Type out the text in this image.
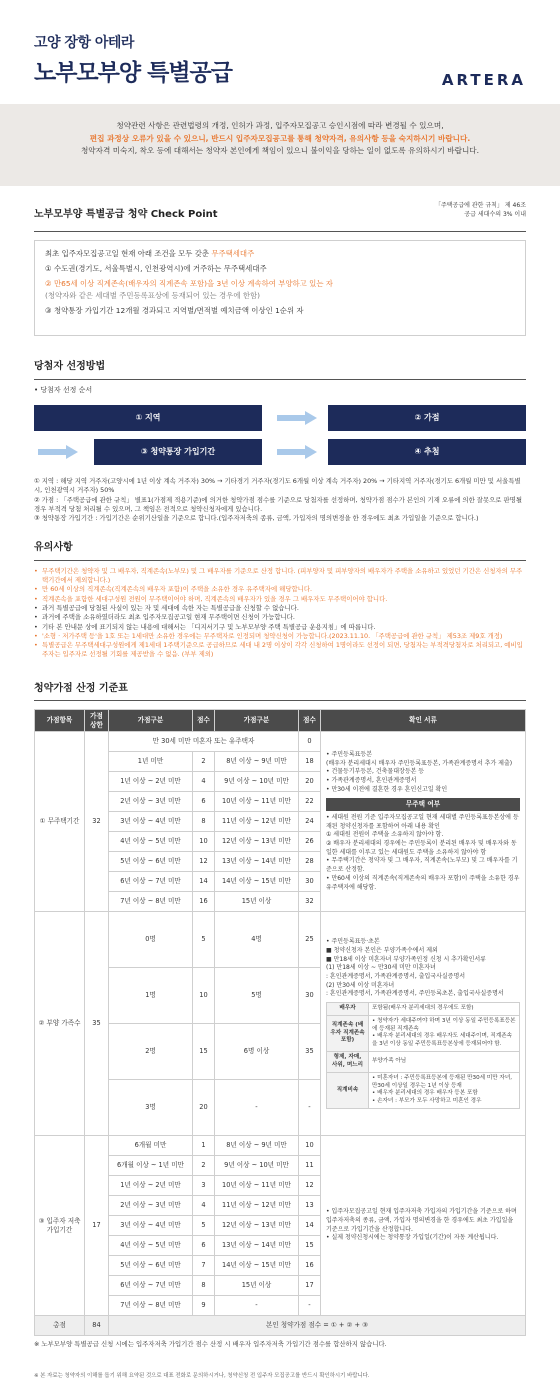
고양 장항 아테라
노부모부양 특별공급	ARTERA
청약관련 사항은 관련법령의 개정, 인허가 과정, 입주자모집공고 승인시점에 따라 변경될 수 있으며,
편집 과정상 오류가 있을 수 있으니, 반드시 입주자모집공고를 통해 청약자격, 유의사항 등을 숙지하시기 바랍니다.
청약자격 미숙지, 착오 등에 대해서는 청약자 본인에게 책임이 있으니 불이익을 당하는 일이 없도록 유의하시기 바랍니다.
노부모부양 특별공급 청약 Check Point
「주택공급에 관한 규칙」 제 46조
공급 세대수의 3% 이내

최초 입주자모집공고일 현재 아래 조건을 모두 갖춘 무주택세대주

① 수도권(경기도, 서울특별시, 인천광역시)에 거주하는 무주택세대주

② 만65세 이상 직계존속(배우자의 직계존속 포함)을 3년 이상 계속하여 부양하고 있는 자

(청약자와 같은 세대별 주민등록표상에 등재되어 있는 경우에 한함)

③ 청약통장 가입기간 12개월 경과되고 지역별/면적별 예치금액 이상인 1순위 자

당첨자 선정방법
• 당첨자 선정 순서
① 지역	② 가점
③ 청약통장 가입기간	④ 추첨
① 지역 : 해당 지역 거주자(고양시에 1년 이상 계속 거주자) 30% → 기타경기 거주자(경기도 6개월 이상 계속 거주자) 20% → 기타지역 거주자(경기도 6개월 미만 및 서울특별시, 인천광역시 거주자) 50%
② 가점 : 「주택공급에 관한 규칙」 별표1(가점제 적용기준)에 의거한 청약가점 점수를 기준으로 당첨자를 선정하며, 청약가점 점수가 본인의 기재 오류에 의한 잘못으로 판명될 경우 부적격 당첨 처리될 수 있으며, 그 책임은 전적으로 청약신청자에게 있습니다.
③ 청약통장 가입기간 : 가입기간은 순위기산일을 기준으로 합니다.(입주자저축의 종류, 금액, 가입자의 명의변경을 한 경우에도 최초 가입일을 기준으로 합니다.)
유의사항
• 무주택기간은 청약자 및 그 배우자, 직계존속(노부모) 및 그 배우자를 기준으로 산정 합니다. (피부양자 및 피부양자의 배우자가 주택을 소유하고 있었던 기간은 신청자의 무주택기간에서 제외합니다.)
• 만 60세 이상의 직계존속(직계존속의 배우자 포함)이 주택을 소유한 경우 유주택자에 해당합니다.
• 직계존속을 포함한 세대구성원 전원이 무주택이어야 하며, 직계존속의 배우자가 있을 경우 그 배우자도 무주택이어야 합니다.
• 과거 특별공급에 당첨된 사실이 있는 자 및 세대에 속한 자는 특별공급을 신청할 수 없습니다.
• 과거에 주택을 소유하였더라도 최초 입주자모집공고일 현재 무주택이면 신청이 가능합니다.
• 기타 본 안내문 상에 표기되지 않는 내용에 대해서는 「디지서기구 및 노부모부양 주택 특별공급 운용지침」에 따릅니다.
• '소형 · 저가주택 등'을 1호 또는 1세대만 소유한 경우에는 무주택자로 인정되며 청약신청이 가능합니다.(2023.11.10. 「주택공급에 관한 규칙」 제53조 제9호 개정)
• 특별공급은 무주택세대구성원에게 제1세대 1주택기준으로 공급하므로 세대 내 2명 이상이 각각 신청하여 1명이라도 선정이 되면, 당첨자는 부적격당첨자로 처리되고, 예비입주자는 입주자로 선정될 기회를 제공받을 수 없음. (부부 제외)
청약가점 산정 기준표
가점항목	가점 상한	가점구분	점수	가점구분	점수	확인 서류
① 무주택기간	32	만 30세 미만 미혼자 또는 유주택자	0	
• 주민등록표등본
(배우자 분리세대시 배우자 주민등록표등본, 가족관계증명서 추가 제출)
• 건물등기부등본, 건축물대장등본 등
• 가족관계증명서, 혼인관계증명서
• 만30세 이전에 결혼한 경우 혼인신고일 확인
무주택 여부
• 세대원 전원 기준 입주자모집공고일 현재 세대별 주민등록표등본상에 등재된 청약신청자를 포함하여 아래 내용 확인
① 세대원 전원이 주택을 소유하지 않아야 함.
② 배우자 분리세대의 경우에는 주민등록이 분리된 배우자 및 배우자와 동일한 세대를 이루고 있는 세대원도 주택을 소유하지 않아야 함
• 무주택기간은 청약자 및 그 배우자, 직계존속(노부모) 및 그 배우자를 기준으로 산정함.
• 만60세 이상의 직계존속(직계존속의 배우자 포함)이 주택을 소유한 경우 유주택자에 해당함.

1년 미만	2	8년 이상 ~ 9년 미만	18
1년 이상 ~ 2년 미만	4	9년 이상 ~ 10년 미만	20
2년 이상 ~ 3년 미만	6	10년 이상 ~ 11년 미만	22
3년 이상 ~ 4년 미만	8	11년 이상 ~ 12년 미만	24
4년 이상 ~ 5년 미만	10	12년 이상 ~ 13년 미만	26
5년 이상 ~ 6년 미만	12	13년 이상 ~ 14년 미만	28
6년 이상 ~ 7년 미만	14	14년 이상 ~ 15년 미만	30
7년 이상 ~ 8년 미만	16	15년 이상	32
② 부양 가족수	35	0명	5	4명	25	• 주민등록표등·초본
■ 청약신청자 본인은 부양가족수에서 제외
■ 만18세 이상 미혼자녀 부양가족인정 신청 시 추가확인서류
(1) 만18세 이상 ~ 만30세 미만 미혼자녀
: 혼인관계증명서, 가족관계증명서, 출입국사실증명서
(2) 만30세 이상 미혼자녀
: 혼인관계증명서, 가족관계증명서, 주민등록초본, 출입국사실증명서
배우자	포함됨(배우자 분리세대의 경우에도 포함)

직계존속 (배우자 직계존속 포함)	
• 청약자가 세대주여야 하며 3년 이상 동일 주민등록표등본에 등재된 직계존속
• 배우자 분리세대의 경우 배우자도 세대주이며, 직계존속을 3년 이상 동일 주민등록표등본상에 등재되어야 함.

형제, 자매, 사위, 며느리	
부양가족 아님

직계비속	
• 미혼자녀 : 주민등록표등본에 등재된 만30세 미만 자녀, 만30세 이상일 경우는 1년 이상 등재
• 배우자 분리세대의 경우 배우자 등본 포함
• 손자녀 : 부모가 모두 사망하고 미혼인 경우

1명	10	5명	30
2명	15	6명 이상	35
3명	20	-	-
③ 입주자 저축 가입기간	17	6개월 미만	1	8년 이상 ~ 9년 미만	10	
• 입주자모집공고일 현재 입주자저축 가입자의 가입기간을 기준으로 하며 입주자저축의 종류, 금액, 가입자 명의변경을 한 경우에도 최초 가입일을 기준으로 가입기간을 산정합니다.
• 실제 청약신청시에는 청약통장 가입일(기간)이 자동 계산됩니다.

6개월 이상 ~ 1년 미만	2	9년 이상 ~ 10년 미만	11
1년 이상 ~ 2년 미만	3	10년 이상 ~ 11년 미만	12
2년 이상 ~ 3년 미만	4	11년 이상 ~ 12년 미만	13
3년 이상 ~ 4년 미만	5	12년 이상 ~ 13년 미만	14
4년 이상 ~ 5년 미만	6	13년 이상 ~ 14년 미만	15
5년 이상 ~ 6년 미만	7	14년 이상 ~ 15년 미만	16
6년 이상 ~ 7년 미만	8	15년 이상	17
7년 이상 ~ 8년 미만	9	-	-
총점	84	본인 청약가점 점수 = ① + ② + ③
※ 노부모부양 특별공급 신청 시에는 입주자저축 가입기간 점수 산정 시 배우자 입주자저축 가입기간 점수를 합산하지 않습니다.
※ 본 자료는 청약자의 이해를 돕기 위해 요약된 것으로 대표 전화로 문의하시거나, 청약신청 전 입주자 모집공고를 반드시 확인하시기 바랍니다.
